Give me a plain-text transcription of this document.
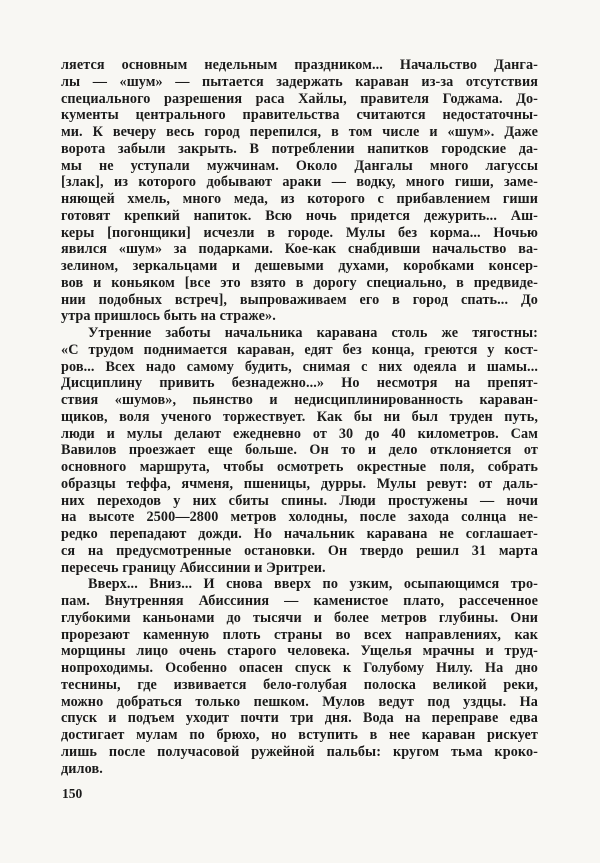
ляется основным недельным праздником... Начальство Данга-
лы — «шум» — пытается задержать караван из-за отсутствия
специального разрешения раса Хайлы, правителя Годжама. До-
кументы центрального правительства считаются недостаточны-
ми. К вечеру весь город перепился, в том числе и «шум». Даже
ворота забыли закрыть. В потреблении напитков городские да-
мы не уступали мужчинам. Около Дангалы много лагуссы
[злак], из которого добывают араки — водку, много гиши, заме-
няющей хмель, много меда, из которого с прибавлением гиши
готовят крепкий напиток. Всю ночь придется дежурить... Аш-
керы [погонщики] исчезли в городе. Мулы без корма... Ночью
явился «шум» за подарками. Кое-как снабдивши начальство ва-
зелином, зеркальцами и дешевыми духами, коробками консер-
вов и коньяком [все это взято в дорогу специально, в предвиде-
нии подобных встреч], выпроваживаем его в город спать... До
утра пришлось быть на страже».
Утренние заботы начальника каравана столь же тягостны:
«С трудом поднимается караван, едят без конца, греются у кост-
ров... Всех надо самому будить, снимая с них одеяла и шамы...
Дисциплину привить безнадежно...» Но несмотря на препят-
ствия «шумов», пьянство и недисциплинированность караван-
щиков, воля ученого торжествует. Как бы ни был труден путь,
люди и мулы делают ежедневно от 30 до 40 километров. Сам
Вавилов проезжает еще больше. Он то и дело отклоняется от
основного маршрута, чтобы осмотреть окрестные поля, собрать
образцы теффа, ячменя, пшеницы, дурры. Мулы ревут: от даль-
них переходов у них сбиты спины. Люди простужены — ночи
на высоте 2500—2800 метров холодны, после захода солнца не-
редко перепадают дожди. Но начальник каравана не соглашает-
ся на предусмотренные остановки. Он твердо решил 31 марта
пересечь границу Абиссинии и Эритреи.
Вверх... Вниз... И снова вверх по узким, осыпающимся тро-
пам. Внутренняя Абиссиния — каменистое плато, рассеченное
глубокими каньонами до тысячи и более метров глубины. Они
прорезают каменную плоть страны во всех направлениях, как
морщины лицо очень старого человека. Ущелья мрачны и труд-
нопроходимы. Особенно опасен спуск к Голубому Нилу. На дно
теснины, где извивается бело-голубая полоска великой реки,
можно добраться только пешком. Мулов ведут под уздцы. На
спуск и подъем уходит почти три дня. Вода на переправе едва
достигает мулам по брюхо, но вступить в нее караван рискует
лишь после получасовой ружейной пальбы: кругом тьма кроко-
дилов.
150
